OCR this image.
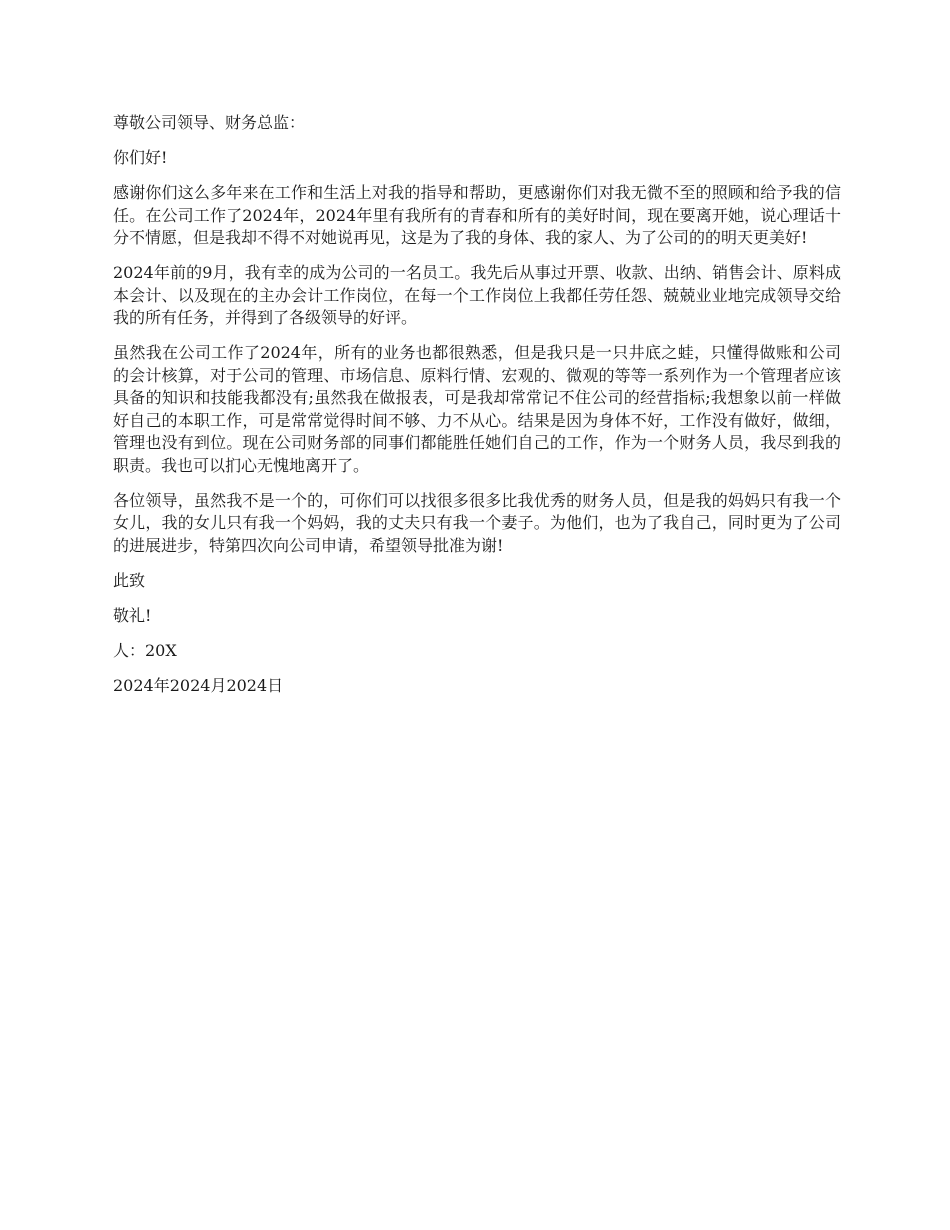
尊敬公司领导、财务总监：

你们好!

感谢你们这么多年来在工作和生活上对我的指导和帮助，更感谢你们对我无微不至的照顾和给予我的信任。在公司工作了2024年，2024年里有我所有的青春和所有的美好时间，现在要离开她，说心理话十分不情愿，但是我却不得不对她说再见，这是为了我的身体、我的家人、为了公司的的明天更美好!

2024年前的9月，我有幸的成为公司的一名员工。我先后从事过开票、收款、出纳、销售会计、原料成本会计、以及现在的主办会计工作岗位，在每一个工作岗位上我都任劳任怨、兢兢业业地完成领导交给我的所有任务，并得到了各级领导的好评。

虽然我在公司工作了2024年，所有的业务也都很熟悉，但是我只是一只井底之蛙，只懂得做账和公司的会计核算，对于公司的管理、市场信息、原料行情、宏观的、微观的等等一系列作为一个管理者应该具备的知识和技能我都没有;虽然我在做报表，可是我却常常记不住公司的经营指标;我想象以前一样做好自己的本职工作，可是常常觉得时间不够、力不从心。结果是因为身体不好，工作没有做好，做细，管理也没有到位。现在公司财务部的同事们都能胜任她们自己的工作，作为一个财务人员，我尽到我的职责。我也可以扪心无愧地离开了。

各位领导，虽然我不是一个的，可你们可以找很多很多比我优秀的财务人员，但是我的妈妈只有我一个女儿，我的女儿只有我一个妈妈，我的丈夫只有我一个妻子。为他们，也为了我自己，同时更为了公司的进展进步，特第四次向公司申请，希望领导批准为谢!

此致

敬礼!

人：20X

2024年2024月2024日
